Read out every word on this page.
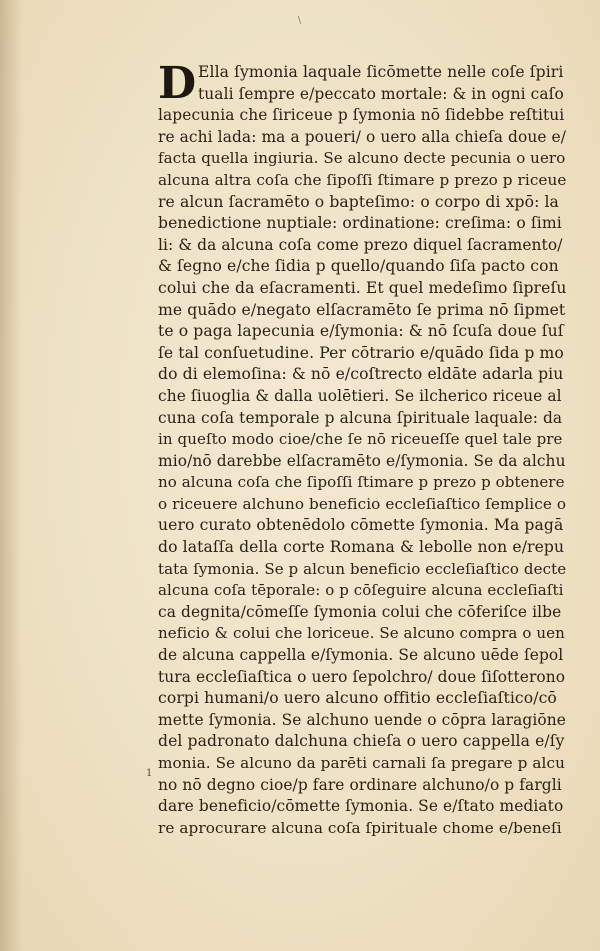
\
1
D Ella ſymonia laquale ſicōmette nelle coſe ſpiri
tuali ſempre e/peccato mortale: & in ogni caſo
lapecunia che ſiriceue p ſymonia nō ſidebbe reſtitui
re achi lada: ma a poueri/ o uero alla chieſa doue e/
facta quella ingiuria. Se alcuno decte pecunia o uero
alcuna altra coſa che ſipoſſi ſtimare p prezo p riceue
re alcun ſacramēto o bapteſimo: o corpo di xpō: la
benedictione nuptiale: ordinatione: creſima: o ſimi
li: & da alcuna coſa come prezo diquel ſacramento/
& ſegno e/che ſidia p quello/quando ſiſa pacto con
colui che da eſacramenti. Et quel medeſimo ſipreſu
me quādo e/negato elſacramēto ſe prima nō ſipmet
te o paga lapecunia e/ſymonia: & nō ſcuſa doue ſuſ
ſe tal conſuetudine. Per cōtrario e/quādo ſida p mo
do di elemoſina: & nō e/coſtrecto eldāte adarla piu
che ſiuoglia & dalla uolētieri. Se ilcherico riceue al
cuna coſa temporale p alcuna ſpirituale laquale: da
in queſto modo cioe/che ſe nō riceueſſe quel tale pre
mio/nō darebbe elſacramēto e/ſymonia. Se da alchu
no alcuna coſa che ſipoſſi ſtimare p prezo p obtenere
o riceuere alchuno beneficio eccleſiaſtico ſemplice o
uero curato obtenēdolo cōmette ſymonia. Ma pagā
do lataſſa della corte Romana & lebolle non e/repu
tata ſymonia. Se p alcun beneficio eccleſiaſtico decte
alcuna coſa tēporale: o p cōſeguire alcuna eccleſiaſti
ca degnita/cōmeſſe ſymonia colui che cōferiſce ilbe
neficio & colui che loriceue. Se alcuno compra o uen
de alcuna cappella e/ſymonia. Se alcuno uēde ſepol
tura eccleſiaſtica o uero ſepolchro/ doue ſiſotterono
corpi humani/o uero alcuno offitio eccleſiaſtico/cō
mette ſymonia. Se alchuno uende o cōpra laragiōne
del padronato dalchuna chieſa o uero cappella e/ſy
monia. Se alcuno da parēti carnali ſa pregare p alcu
no nō degno cioe/p fare ordinare alchuno/o p fargli
dare beneficio/cōmette ſymonia. Se e/ſtato mediato
re aprocurare alcuna coſa ſpirituale chome e/beneſi
